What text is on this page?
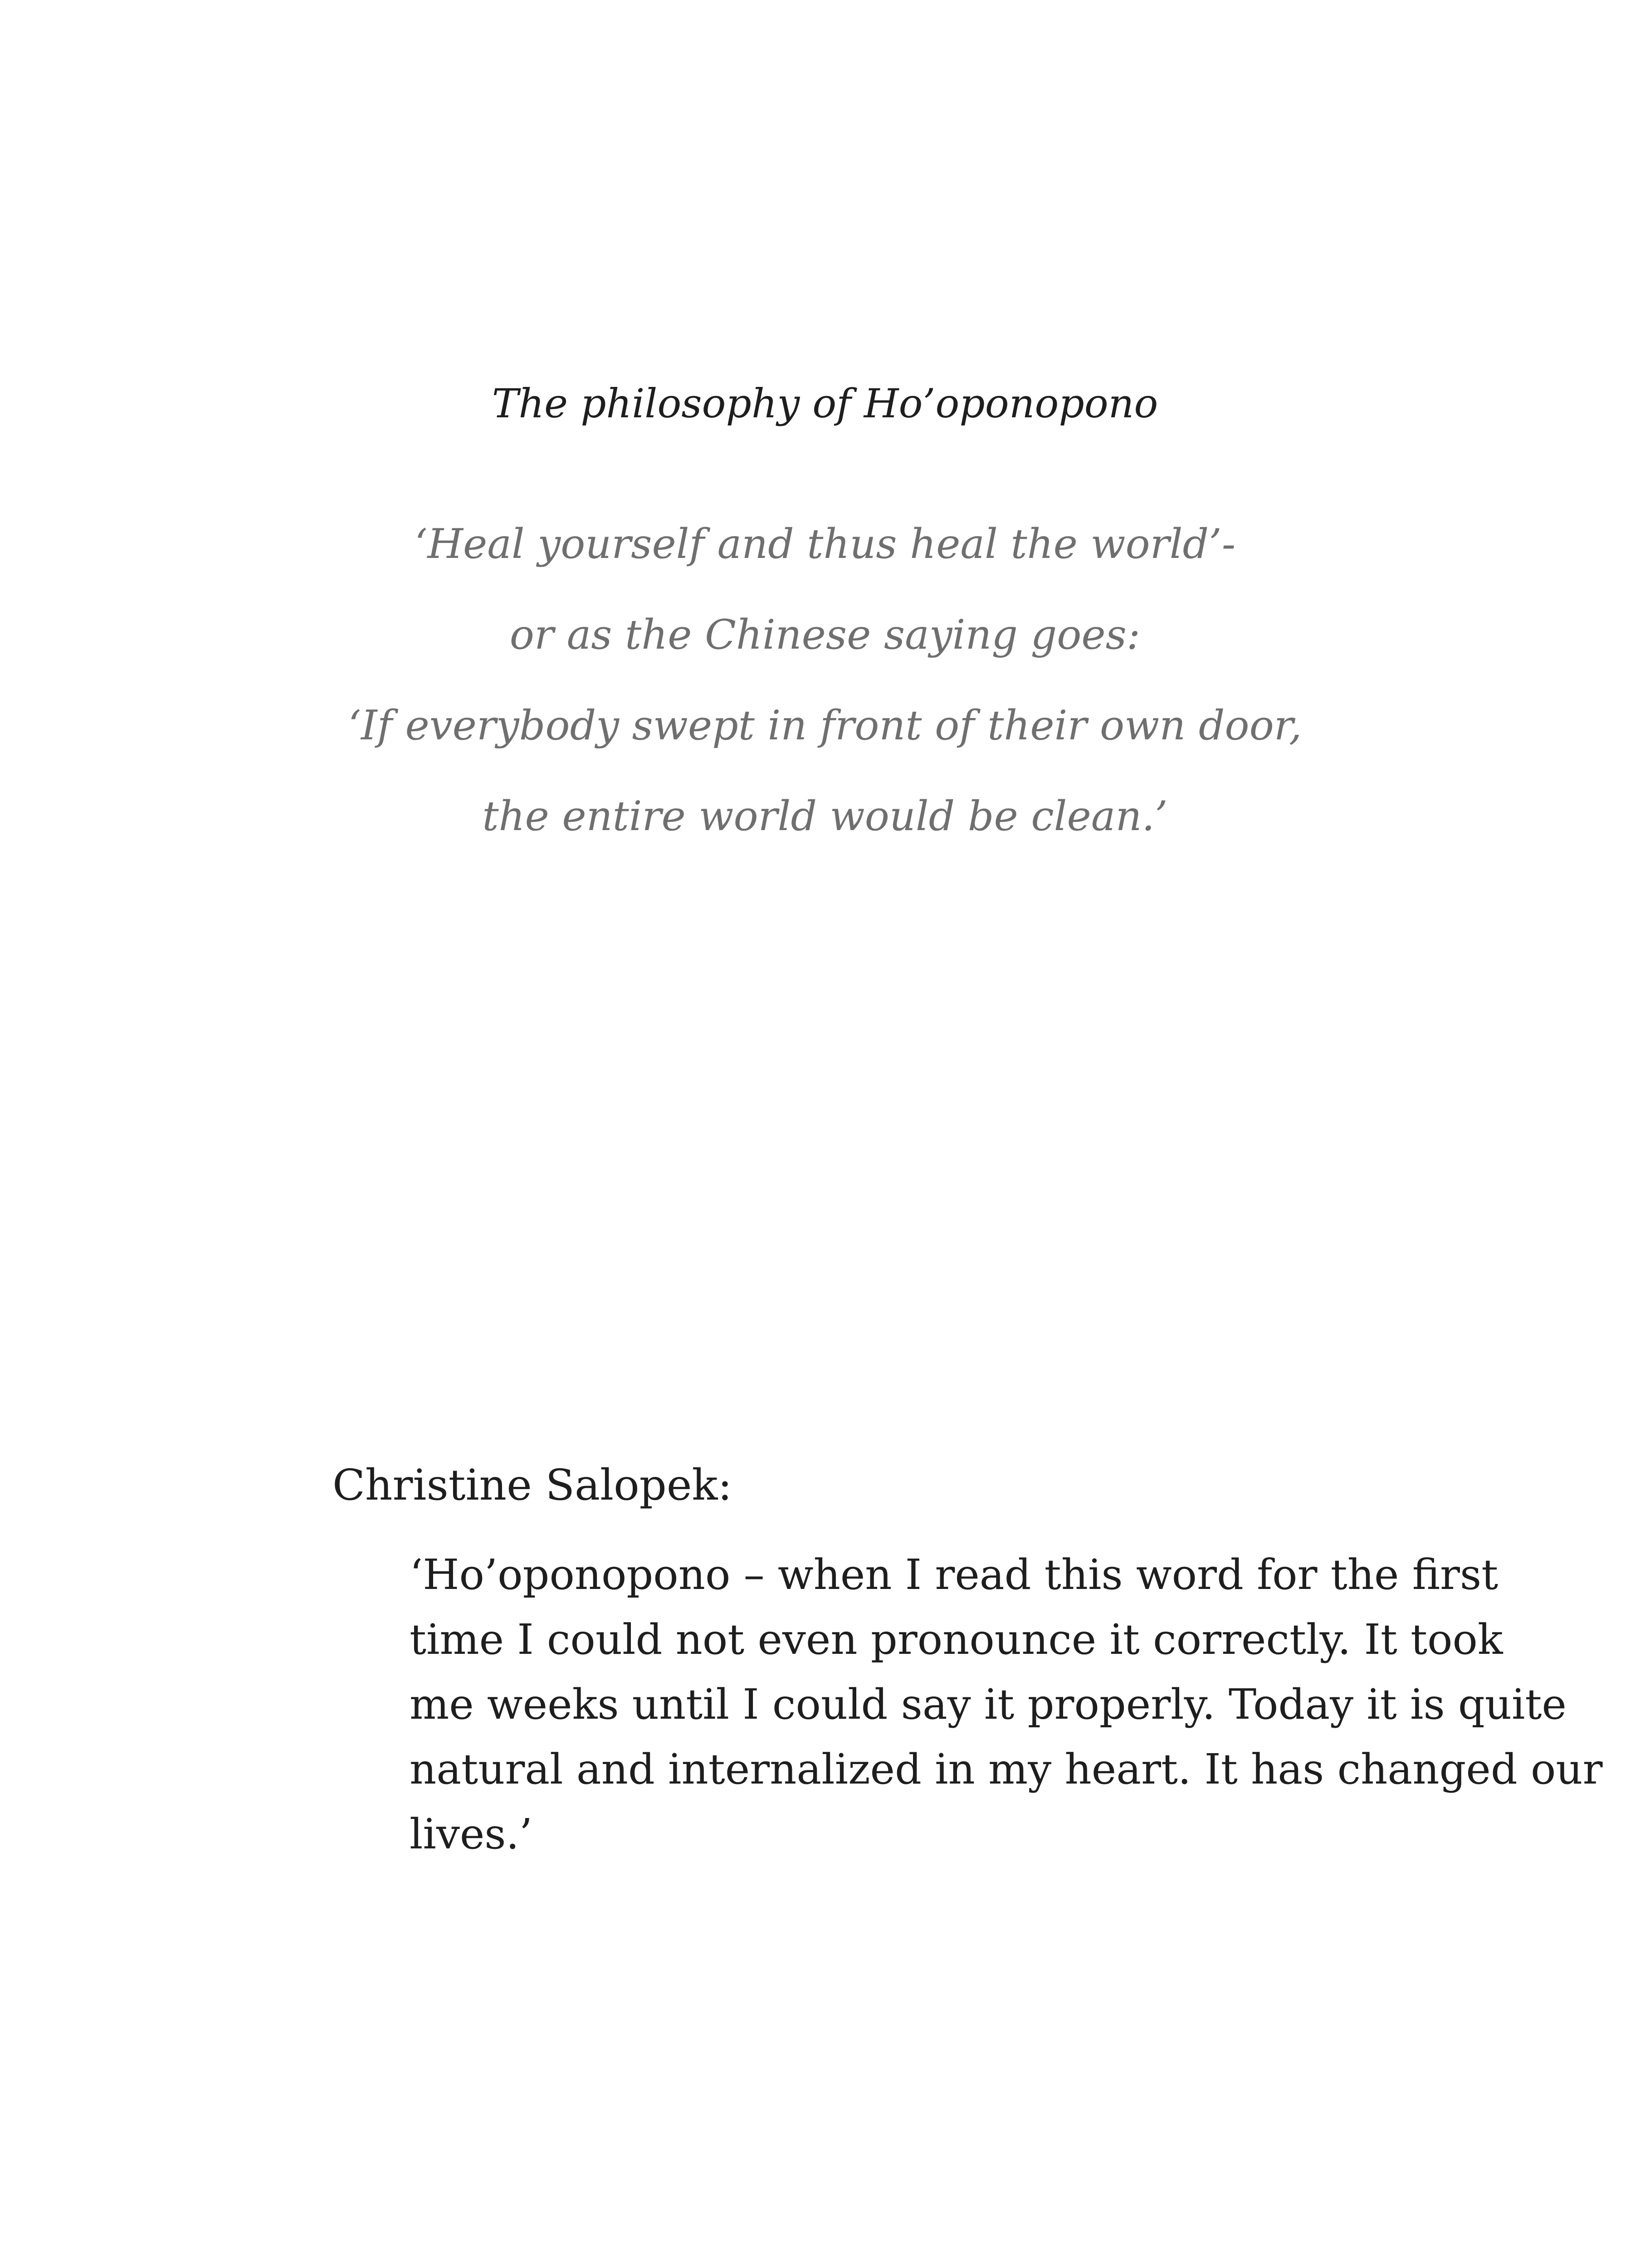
The philosophy of Ho’oponopono
‘Heal yourself and thus heal the world’-
or as the Chinese saying goes:
‘If everybody swept in front of their own door,
the entire world would be clean.’
Christine Salopek:
‘Ho’oponopono – when I read this word for the first
time I could not even pronounce it correctly. It took
me weeks until I could say it properly. Today it is quite
natural and internalized in my heart. It has changed our
lives.’
